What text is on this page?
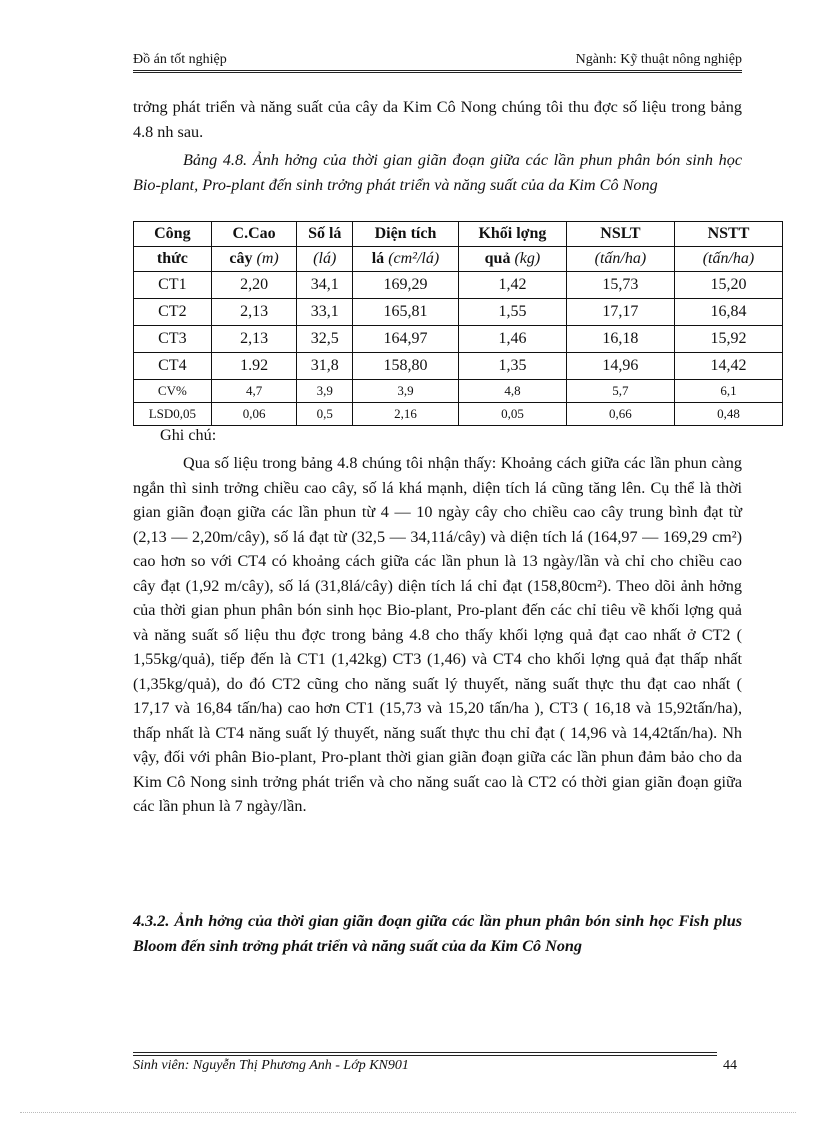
Đồ án tốt nghiệp	Ngành: Kỹ thuật nông nghiệp
trởng phát triển và năng suất của cây da Kim Cô Nong chúng tôi thu đợc số liệu trong bảng 4.8 nh sau.
Bảng 4.8. Ảnh hởng của thời gian giãn đoạn giữa các lần phun phân bón sinh học Bio-plant, Pro-plant đến sinh trởng phát triển và năng suất của da Kim Cô Nong
Công	C.Cao	Số lá	Diện tích	Khối lợng	NSLT	NSTT
thức	cây (m)	(lá)	lá (cm²/lá)	quả (kg)	(tấn/ha)	(tấn/ha)
CT1	2,20	34,1	169,29	1,42	15,73	15,20
CT2	2,13	33,1	165,81	1,55	17,17	16,84
CT3	2,13	32,5	164,97	1,46	16,18	15,92
CT4	1.92	31,8	158,80	1,35	14,96	14,42
CV%	4,7	3,9	3,9	4,8	5,7	6,1
LSD0,05	0,06	0,5	2,16	0,05	0,66	0,48
Ghi chú:

Qua số liệu trong bảng 4.8 chúng tôi nhận thấy: Khoảng cách giữa các lần phun càng ngắn thì sinh trởng chiều cao cây, số lá khá mạnh, diện tích lá cũng tăng lên. Cụ thể là thời gian giãn đoạn giữa các lần phun từ 4 — 10 ngày cây cho chiều cao cây trung bình đạt từ (2,13 — 2,20m/cây), số lá đạt từ (32,5 — 34,11á/cây) và diện tích lá (164,97 — 169,29 cm²) cao hơn so với CT4 có khoảng cách giữa các lần phun là 13 ngày/lần và chỉ cho chiều cao cây đạt (1,92 m/cây), số lá (31,8lá/cây) diện tích lá chỉ đạt (158,80cm²). Theo dõi ảnh hởng của thời gian phun phân bón sinh học Bio-plant, Pro-plant đến các chỉ tiêu về khối lợng quả và năng suất số liệu thu đợc trong bảng 4.8 cho thấy khối lợng quả đạt cao nhất ở CT2 ( 1,55kg/quả), tiếp đến là CT1 (1,42kg) CT3 (1,46) và CT4 cho khối lợng quả đạt thấp nhất (1,35kg/quả), do đó CT2 cũng cho năng suất lý thuyết, năng suất thực thu đạt cao nhất ( 17,17 và 16,84 tấn/ha) cao hơn CT1 (15,73 và 15,20 tấn/ha ), CT3 ( 16,18 và 15,92tấn/ha), thấp nhất là CT4 năng suất lý thuyết, năng suất thực thu chỉ đạt ( 14,96 và 14,42tấn/ha). Nh vậy, đối với phân Bio-plant, Pro-plant thời gian giãn đoạn giữa các lần phun đảm bảo cho da Kim Cô Nong sinh trởng phát triển và cho năng suất cao là CT2 có thời gian giãn đoạn giữa các lần phun là 7 ngày/lần.

4.3.2. Ảnh hởng của thời gian giãn đoạn giữa các lần phun phân bón sinh học Fish plus Bloom đến sinh trởng phát triển và năng suất của da Kim Cô Nong
Sinh viên: Nguyễn Thị Phương Anh - Lớp KN901	44
